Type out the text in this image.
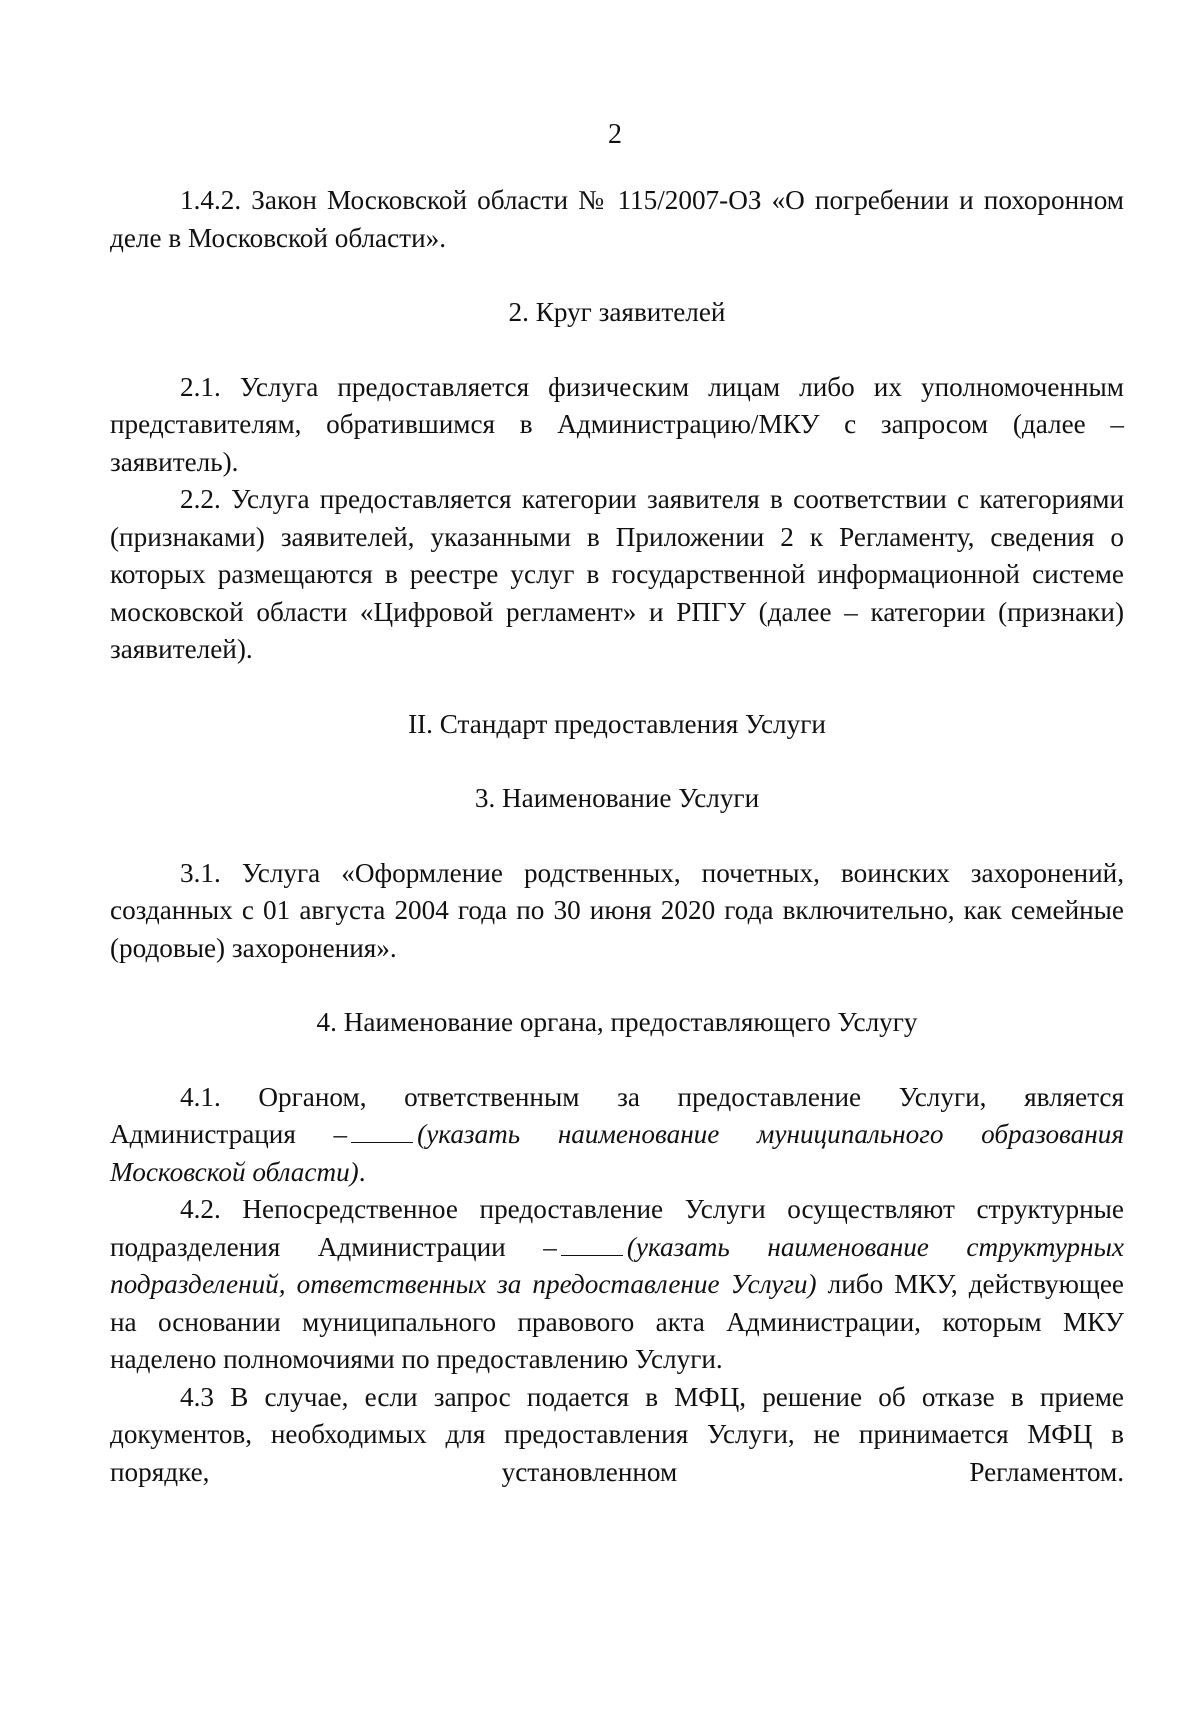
2

1.4.2. Закон Московской области № 115/2007-ОЗ «О погребении и похоронном деле в Московской области».

2. Круг заявителей

2.1. Услуга предоставляется физическим лицам либо их уполномоченным представителям, обратившимся в Администрацию/МКУ с запросом (далее – заявитель).

2.2. Услуга предоставляется категории заявителя в соответствии с категориями (признаками) заявителей, указанными в Приложении 2 к Регламенту, сведения о которых размещаются в реестре услуг в государственной информационной системе московской области «Цифровой регламент» и РПГУ (далее – категории (признаки) заявителей).

II. Стандарт предоставления Услуги

3. Наименование Услуги

3.1. Услуга «Оформление родственных, почетных, воинских захоронений, созданных с 01 августа 2004 года по 30 июня 2020 года включительно, как семейные (родовые) захоронения».

4. Наименование органа, предоставляющего Услугу

4.1. Органом, ответственным за предоставление Услуги, является Администрация –	(указать наименование муниципального образования Московской области).

4.2. Непосредственное предоставление Услуги осуществляют структурные подразделения Администрации –	(указать наименование структурных подразделений, ответственных за предоставление Услуги) либо МКУ, действующее на основании муниципального правового акта Администрации, которым МКУ наделено полномочиями по предоставлению Услуги.

4.3 В случае, если запрос подается в МФЦ, решение об отказе в приеме документов, необходимых для предоставления Услуги, не принимается МФЦ в порядке, установленном Регламентом.
